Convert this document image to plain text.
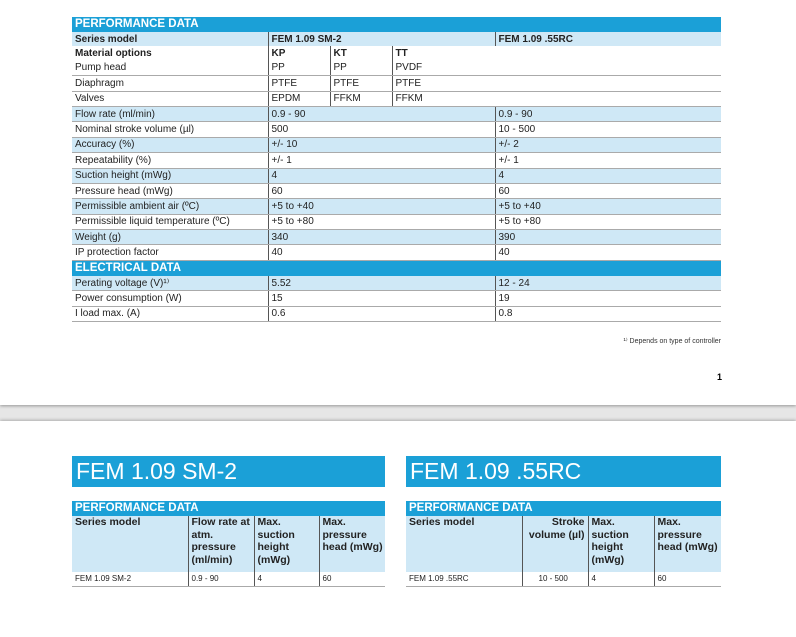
PERFORMANCE DATA				
Series model	FEM 1.09 SM-2			FEM 1.09 .55RC
Material options	KP	KT	TT	
Pump head	PP	PP	PVDF	
Diaphragm	PTFE	PTFE	PTFE	
Valves	EPDM	FFKM	FFKM	
Flow rate (ml/min)	0.9 - 90			0.9 - 90
Nominal stroke volume (µl)	500			10 - 500
Accuracy (%)	+/- 10			+/- 2
Repeatability (%)	+/- 1			+/- 1
Suction height (mWg)	4			4
Pressure head (mWg)	60			60
Permissible ambient air (ºC)	+5 to +40			+5 to +40
Permissible liquid temperature (ºC)	+5 to +80			+5 to +80
Weight (g)	340			390
IP protection factor	40			40
ELECTRICAL DATA				
Perating voltage (V)¹⁾	5.52			12 - 24
Power consumption (W)	15			19
I load max. (A)	0.6			0.8
¹⁾ Depends on type of controller
1
FEM 1.09 SM-2
PERFORMANCE DATA			
Series model	Flow rate at atm. pressure (ml/min)	Max. suction height (mWg)	Max. pressure head (mWg)
FEM 1.09 SM-2	0.9 - 90	4	60
FEM 1.09 .55RC
PERFORMANCE DATA			
Series model	Stroke volume (µl)	Max. suction height (mWg)	Max. pressure head (mWg)
FEM 1.09 .55RC	10 - 500	4	60
